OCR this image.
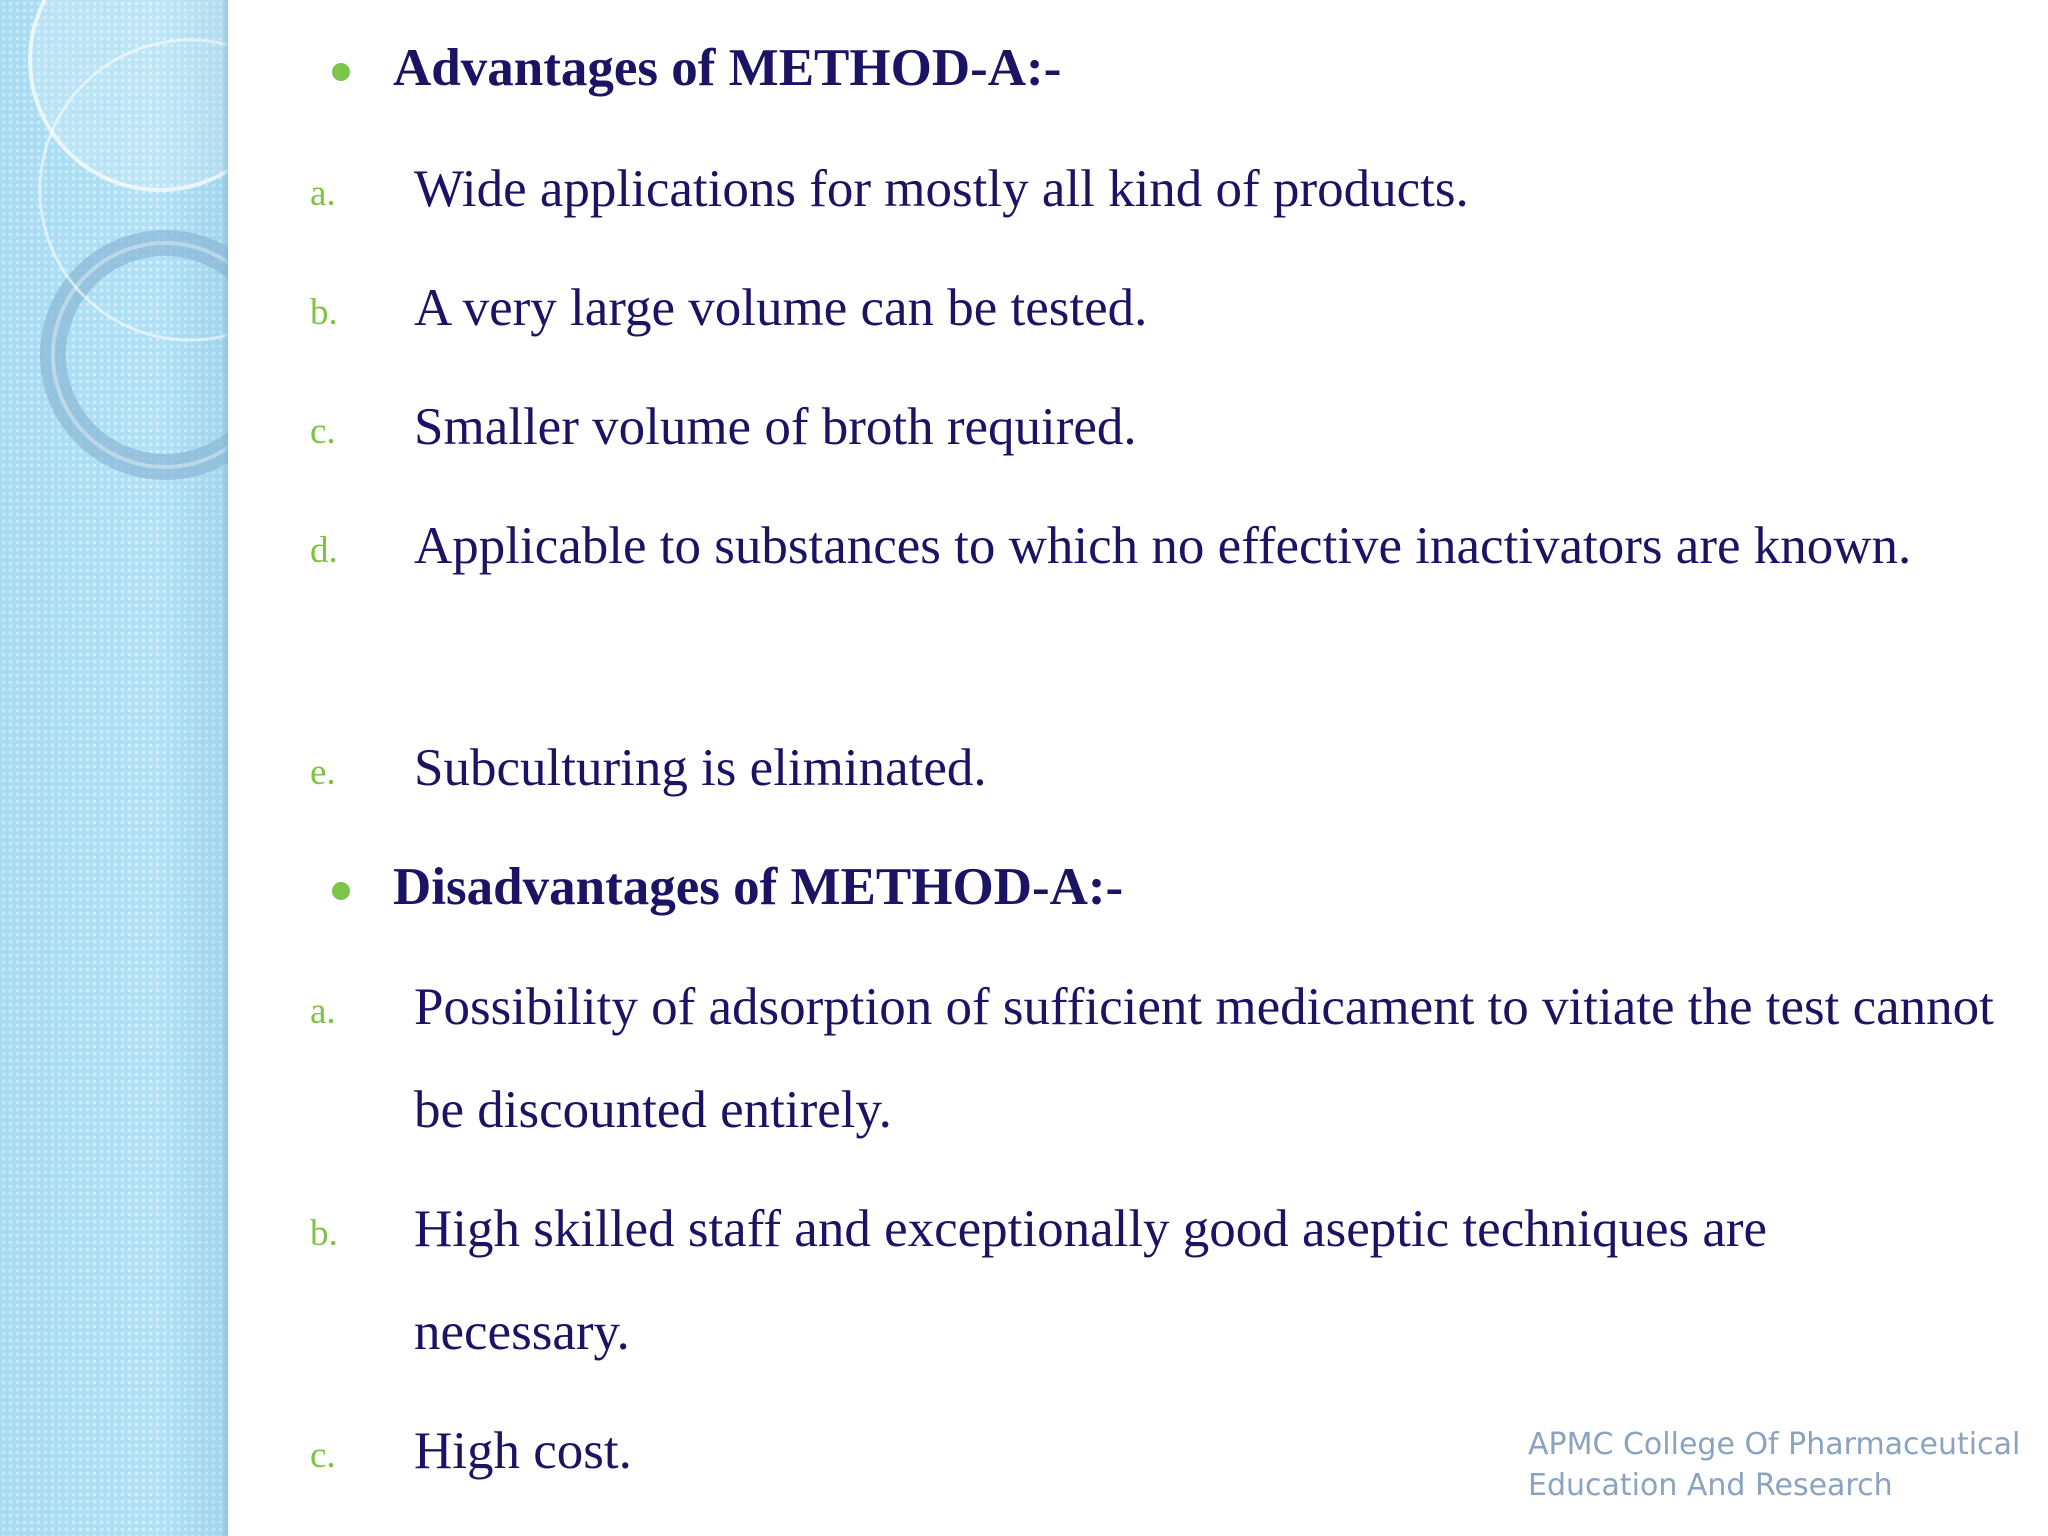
Advantages of METHOD-A:-
a. Wide applications for mostly all kind of products.
b. A very large volume can be tested.
c. Smaller volume of broth required.
d. Applicable to substances to which no effective inactivators are known.
e. Subculturing is eliminated.
Disadvantages of METHOD-A:-
a. Possibility of adsorption of sufficient medicament to vitiate the test cannot be discounted entirely.
b. High skilled staff and exceptionally good aseptic techniques are necessary.
c. High cost.	APMC College Of Pharmaceutical
Education And Research
